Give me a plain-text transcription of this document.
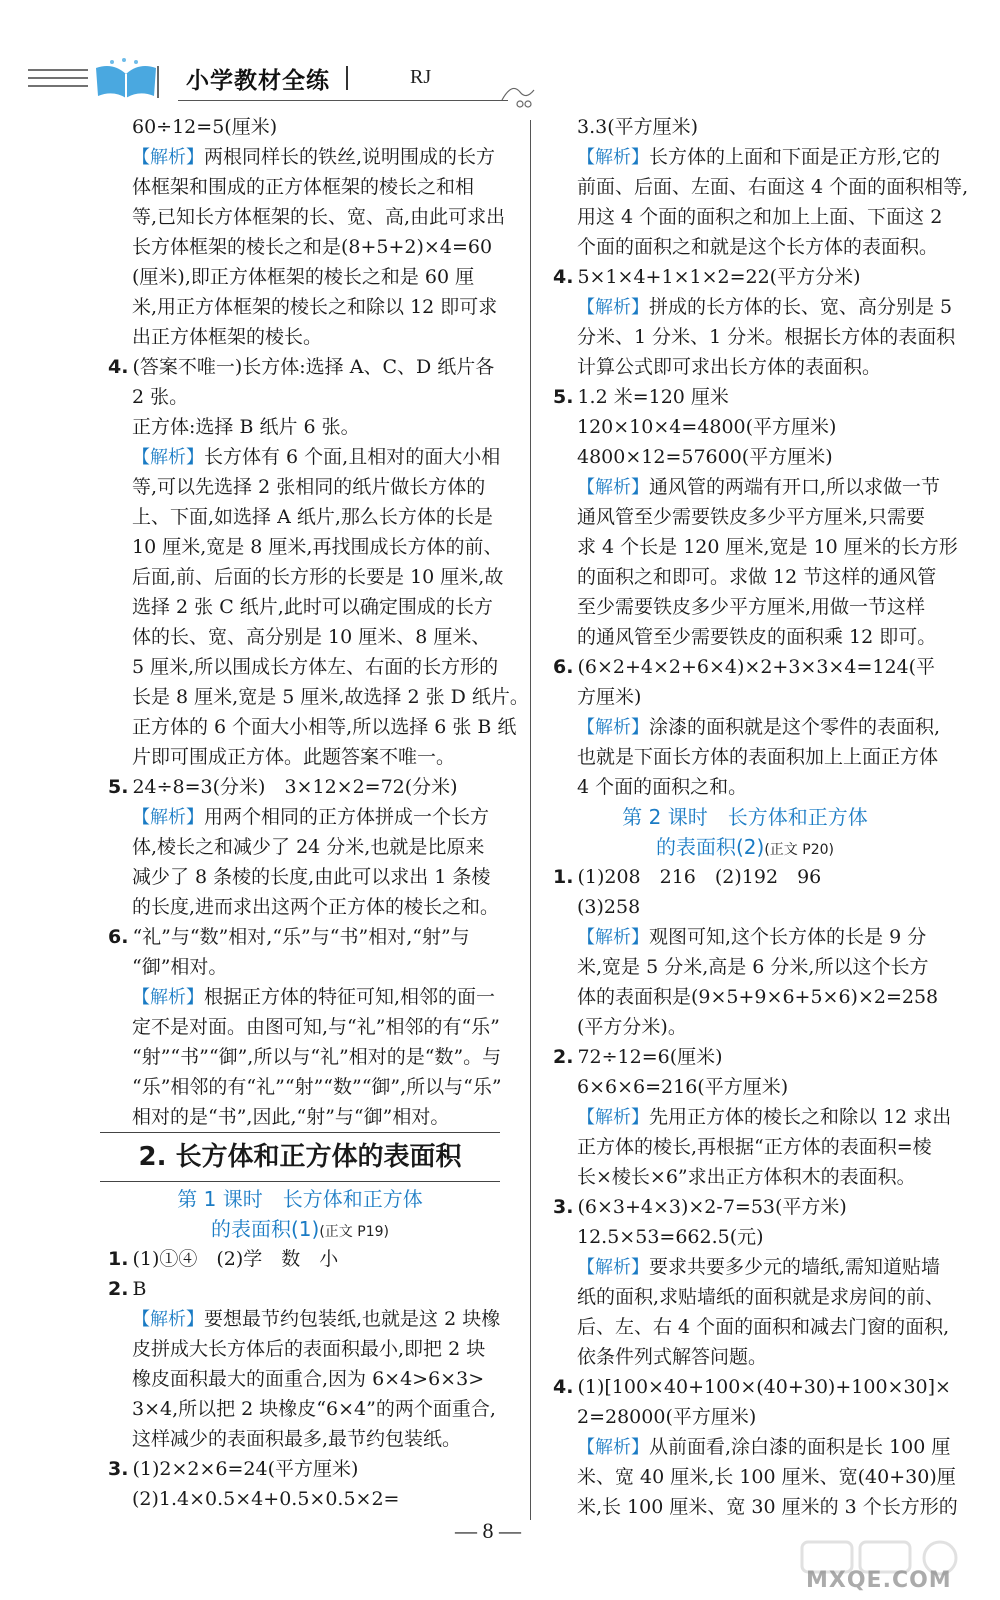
小学教材全练	RJ
60÷12=5(厘米)
【解析】两根同样长的铁丝,说明围成的长方
体框架和围成的正方体框架的棱长之和相
等,已知长方体框架的长、宽、高,由此可求出
长方体框架的棱长之和是(8+5+2)×4=60
(厘米),即正方体框架的棱长之和是 60 厘
米,用正方体框架的棱长之和除以 12 即可求
出正方体框架的棱长。
4. (答案不唯一)长方体:选择 A、C、D 纸片各
2 张。
正方体:选择 B 纸片 6 张。
【解析】长方体有 6 个面,且相对的面大小相
等,可以先选择 2 张相同的纸片做长方体的
上、下面,如选择 A 纸片,那么长方体的长是
10 厘米,宽是 8 厘米,再找围成长方体的前、
后面,前、后面的长方形的长要是 10 厘米,故
选择 2 张 C 纸片,此时可以确定围成的长方
体的长、宽、高分别是 10 厘米、8 厘米、
5 厘米,所以围成长方体左、右面的长方形的
长是 8 厘米,宽是 5 厘米,故选择 2 张 D 纸片。
正方体的 6 个面大小相等,所以选择 6 张 B 纸
片即可围成正方体。此题答案不唯一。
5. 24÷8=3(分米)　3×12×2=72(分米)
【解析】用两个相同的正方体拼成一个长方
体,棱长之和减少了 24 分米,也就是比原来
减少了 8 条棱的长度,由此可以求出 1 条棱
的长度,进而求出这两个正方体的棱长之和。
6. “礼”与“数”相对,“乐”与“书”相对,“射”与
“御”相对。
【解析】根据正方体的特征可知,相邻的面一
定不是对面。由图可知,与“礼”相邻的有“乐”
“射”“书”“御”,所以与“礼”相对的是“数”。与
“乐”相邻的有“礼”“射”“数”“御”,所以与“乐”
相对的是“书”,因此,“射”与“御”相对。
2. 长方体和正方体的表面积
第 1 课时　长方体和正方体
的表面积(1)(正文 P19)
1. (1)①④　(2)学　数　小
2. B
【解析】要想最节约包装纸,也就是这 2 块橡
皮拼成大长方体后的表面积最小,即把 2 块
橡皮面积最大的面重合,因为 6×4>6×3>
3×4,所以把 2 块橡皮“6×4”的两个面重合,
这样减少的表面积最多,最节约包装纸。
3. (1)2×2×6=24(平方厘米)
(2)1.4×0.5×4+0.5×0.5×2=
3.3(平方厘米)
【解析】长方体的上面和下面是正方形,它的
前面、后面、左面、右面这 4 个面的面积相等,
用这 4 个面的面积之和加上上面、下面这 2
个面的面积之和就是这个长方体的表面积。
4. 5×1×4+1×1×2=22(平方分米)
【解析】拼成的长方体的长、宽、高分别是 5
分米、1 分米、1 分米。根据长方体的表面积
计算公式即可求出长方体的表面积。
5. 1.2 米=120 厘米
120×10×4=4800(平方厘米)
4800×12=57600(平方厘米)
【解析】通风管的两端有开口,所以求做一节
通风管至少需要铁皮多少平方厘米,只需要
求 4 个长是 120 厘米,宽是 10 厘米的长方形
的面积之和即可。求做 12 节这样的通风管
至少需要铁皮多少平方厘米,用做一节这样
的通风管至少需要铁皮的面积乘 12 即可。
6. (6×2+4×2+6×4)×2+3×3×4=124(平
方厘米)
【解析】涂漆的面积就是这个零件的表面积,
也就是下面长方体的表面积加上上面正方体
4 个面的面积之和。
第 2 课时　长方体和正方体
的表面积(2)(正文 P20)
1. (1)208　216　(2)192　96
(3)258
【解析】观图可知,这个长方体的长是 9 分
米,宽是 5 分米,高是 6 分米,所以这个长方
体的表面积是(9×5+9×6+5×6)×2=258
(平方分米)。
2. 72÷12=6(厘米)
6×6×6=216(平方厘米)
【解析】先用正方体的棱长之和除以 12 求出
正方体的棱长,再根据“正方体的表面积=棱
长×棱长×6”求出正方体积木的表面积。
3. (6×3+4×3)×2-7=53(平方米)
12.5×53=662.5(元)
【解析】要求共要多少元的墙纸,需知道贴墙
纸的面积,求贴墙纸的面积就是求房间的前、
后、左、右 4 个面的面积和减去门窗的面积,
依条件列式解答问题。
4. (1)[100×40+100×(40+30)+100×30]×
2=28000(平方厘米)
【解析】从前面看,涂白漆的面积是长 100 厘
米、宽 40 厘米,长 100 厘米、宽(40+30)厘
米,长 100 厘米、宽 30 厘米的 3 个长方形的
— 8 —
MXQE.COM
